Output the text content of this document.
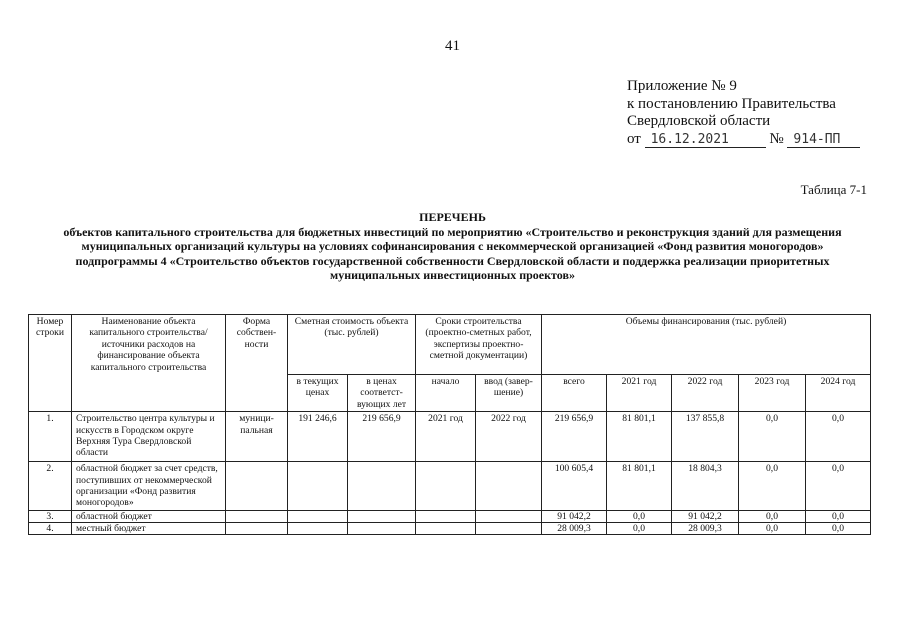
41
Приложение № 9
к постановлению Правительства
Свердловской области
от 16.12.2021	№ 914-ПП
Таблица 7-1
ПЕРЕЧЕНЬ
объектов капитального строительства для бюджетных инвестиций по мероприятию «Строительство и реконструкция зданий для размещения
муниципальных организаций культуры на условиях софинансирования с некоммерческой организацией «Фонд развития моногородов»
подпрограммы 4 «Строительство объектов государственной собственности Свердловской области и поддержка реализации приоритетных
муниципальных инвестиционных проектов»
Номер строки	Наименование объекта капитального строительства/ источники расходов на финансирование объекта капитального строительства	Форма собствен-ности	Сметная стоимость объекта (тыс. рублей)		Сроки строительства (проектно-сметных работ, экспертизы проектно-сметной документации)		Объемы финансирования (тыс. рублей)				
			в текущих ценах	в ценах соответст-вующих лет	начало	ввод (завер-шение)	всего	2021 год	2022 год	2023 год	2024 год
1.	Строительство центра культуры и искусств в Городском округе Верхняя Тура Свердловской области	муници-пальная	191 246,6	219 656,9	2021 год	2022 год	219 656,9	81 801,1	137 855,8	0,0	0,0
2.	областной бюджет за счет средств, поступивших от некоммерческой организации «Фонд развития моногородов»						100 605,4	81 801,1	18 804,3	0,0	0,0
3.	областной бюджет						91 042,2	0,0	91 042,2	0,0	0,0
4.	местный бюджет						28 009,3	0,0	28 009,3	0,0	0,0
